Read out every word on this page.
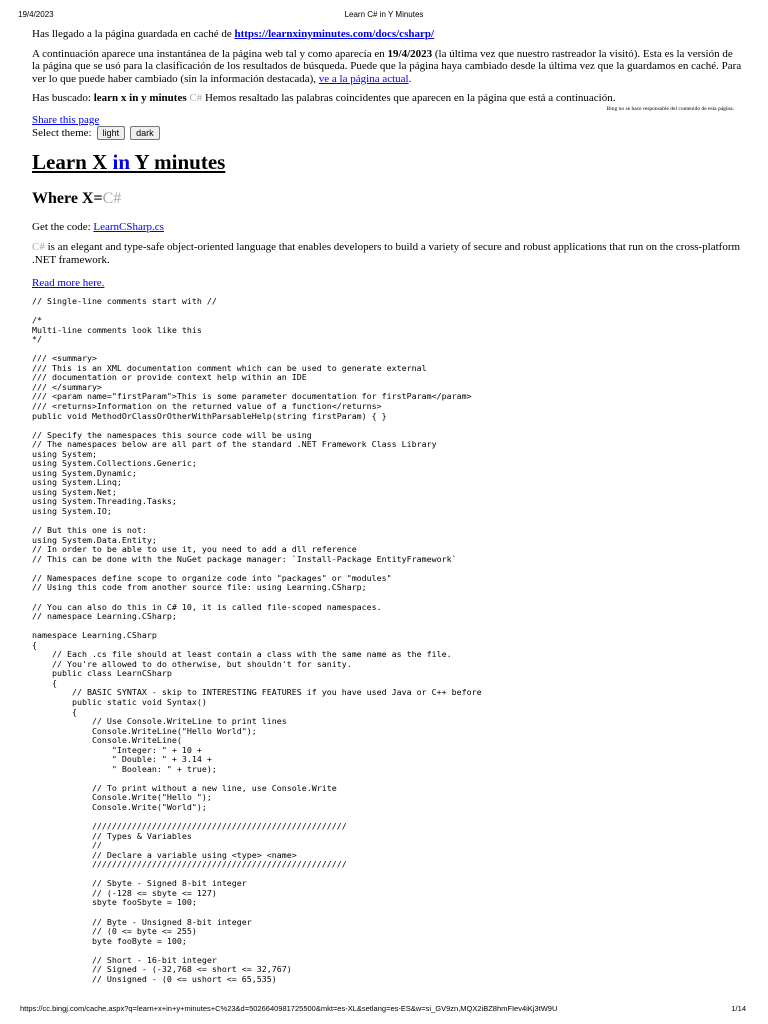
19/4/2023	Learn C# in Y Minutes

Has llegado a la página guardada en caché de https://learnxinyminutes.com/docs/csharp/

A continuación aparece una instantánea de la página web tal y como aparecía en 19/4/2023 (la última vez que nuestro rastreador la visitó). Esta es la versión de la página que se usó para la clasificación de los resultados de búsqueda. Puede que la página haya cambiado desde la última vez que la guardamos en caché. Para ver lo que puede haber cambiado (sin la información destacada), ve a la página actual.

Has buscado: learn x in y minutes C# Hemos resaltado las palabras coincidentes que aparecen en la página que está a continuación.

Bing no se hace responsable del contenido de esta página.
Share this page
Select theme:	light	dark
Learn X in Y minutes
Where X=C#
Get the code: LearnCSharp.cs
C# is an elegant and type-safe object-oriented language that enables developers to build a variety of secure and robust applications that run on the cross-platform .NET framework.
Read more here.
// Single-line comments start with //

/*
Multi-line comments look like this
*/

/// <summary>
/// This is an XML documentation comment which can be used to generate external
/// documentation or provide context help within an IDE
/// </summary>
/// <param name="firstParam">This is some parameter documentation for firstParam</param>
/// <returns>Information on the returned value of a function</returns>
public void MethodOrClassOrOtherWithParsableHelp(string firstParam) { }

// Specify the namespaces this source code will be using
// The namespaces below are all part of the standard .NET Framework Class Library
using System;
using System.Collections.Generic;
using System.Dynamic;
using System.Linq;
using System.Net;
using System.Threading.Tasks;
using System.IO;

// But this one is not:
using System.Data.Entity;
// In order to be able to use it, you need to add a dll reference
// This can be done with the NuGet package manager: `Install-Package EntityFramework`

// Namespaces define scope to organize code into "packages" or "modules"
// Using this code from another source file: using Learning.CSharp;

// You can also do this in C# 10, it is called file-scoped namespaces.
// namespace Learning.CSharp;

namespace Learning.CSharp
{
// Each .cs file should at least contain a class with the same name as the file.
// You're allowed to do otherwise, but shouldn't for sanity.
public class LearnCSharp
{
// BASIC SYNTAX - skip to INTERESTING FEATURES if you have used Java or C++ before
public static void Syntax()
{
// Use Console.WriteLine to print lines
Console.WriteLine("Hello World");
Console.WriteLine(
"Integer: " + 10 +
" Double: " + 3.14 +
" Boolean: " + true);

// To print without a new line, use Console.Write
Console.Write("Hello ");
Console.Write("World");

///////////////////////////////////////////////////
// Types & Variables
//
// Declare a variable using <type> <name>
///////////////////////////////////////////////////

// Sbyte - Signed 8-bit integer
// (-128 <= sbyte <= 127)
sbyte fooSbyte = 100;

// Byte - Unsigned 8-bit integer
// (0 <= byte <= 255)
byte fooByte = 100;

// Short - 16-bit integer
// Signed - (-32,768 <= short <= 32,767)
// Unsigned - (0 <= ushort <= 65,535)
https://cc.bingj.com/cache.aspx?q=learn+x+in+y+minutes+C%23&d=5026640981725500&mkt=es-XL&setlang=es-ES&w=si_GV9zn,MQX2iBZ8hmFIev4iKj3tW9U	1/14
